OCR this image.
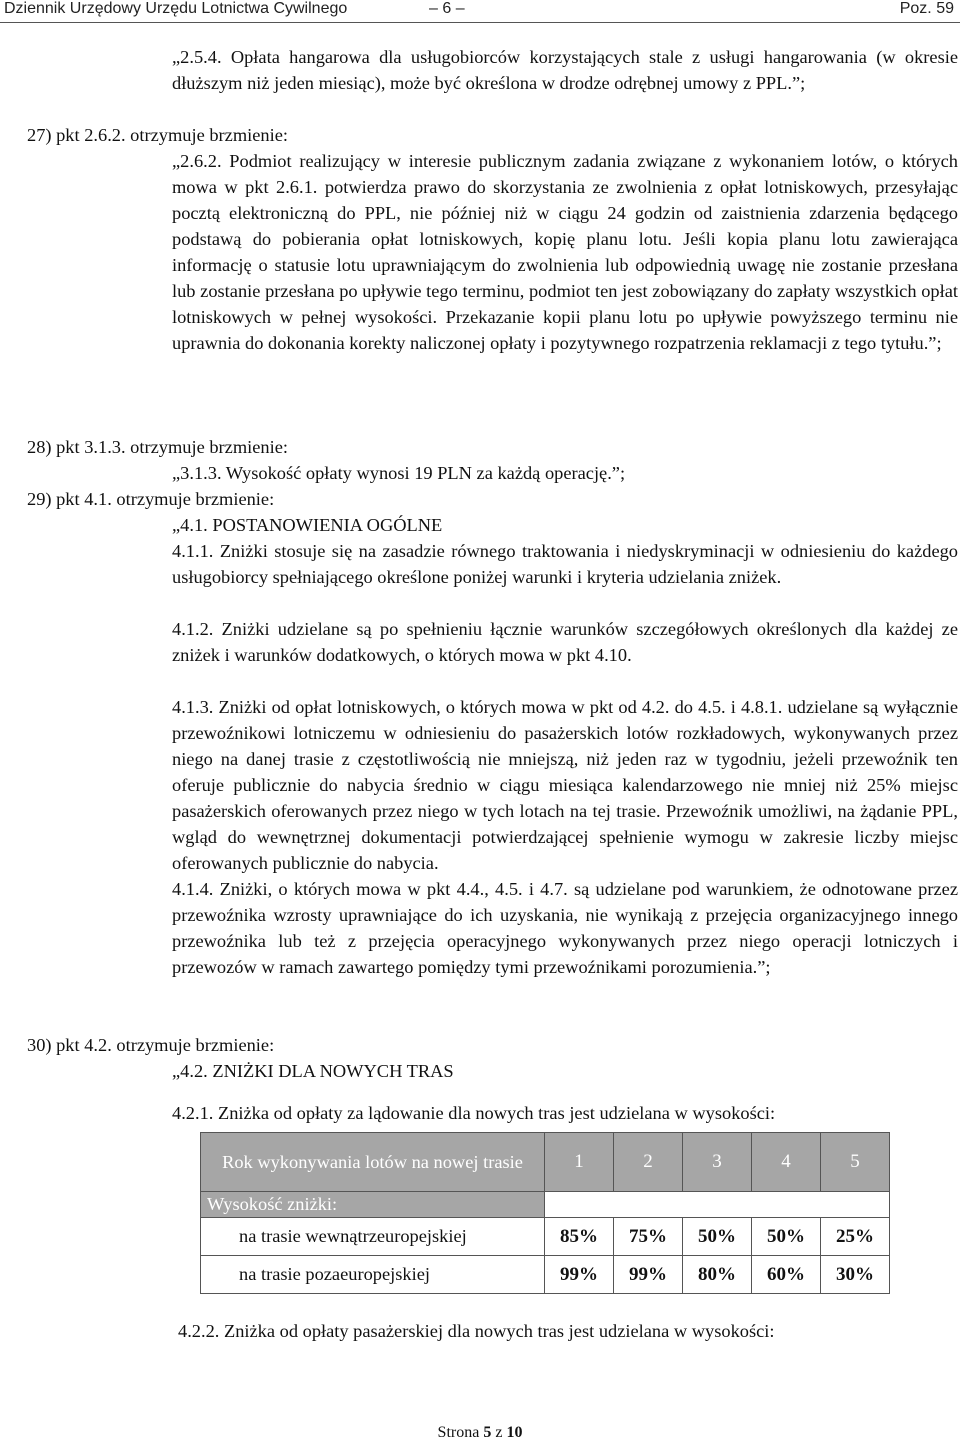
Dziennik Urzędowy Urzędu Lotnictwa Cywilnego	– 6 –	Poz. 59
„2.5.4. Opłata hangarowa dla usługobiorców korzystających stale z usługi hangarowania (w okresie dłuższym niż jeden miesiąc), może być określona w drodze odrębnej umowy z PPL.”;
27) pkt 2.6.2. otrzymuje brzmienie:
„2.6.2. Podmiot realizujący w interesie publicznym zadania związane z wykonaniem lotów, o których mowa w pkt 2.6.1. potwierdza prawo do skorzystania ze zwolnienia z opłat lotniskowych, przesyłając pocztą elektroniczną do PPL, nie później niż w ciągu 24 godzin od zaistnienia zdarzenia będącego podstawą do pobierania opłat lotniskowych, kopię planu lotu. Jeśli kopia planu lotu zawierająca informację o statusie lotu uprawniającym do zwolnienia lub odpowiednią uwagę nie zostanie przesłana lub zostanie przesłana po upływie tego terminu, podmiot ten jest zobowiązany do zapłaty wszystkich opłat lotniskowych w pełnej wysokości. Przekazanie kopii planu lotu po upływie powyższego terminu nie uprawnia do dokonania korekty naliczonej opłaty i pozytywnego rozpatrzenia reklamacji z tego tytułu.”;
28) pkt 3.1.3. otrzymuje brzmienie:
„3.1.3. Wysokość opłaty wynosi 19 PLN za każdą operację.”;
29) pkt 4.1. otrzymuje brzmienie:
„4.1. POSTANOWIENIA OGÓLNE
4.1.1. Zniżki stosuje się na zasadzie równego traktowania i niedyskryminacji w odniesieniu do każdego usługobiorcy spełniającego określone poniżej warunki i kryteria udzielania zniżek.
4.1.2. Zniżki udzielane są po spełnieniu łącznie warunków szczegółowych określonych dla każdej ze zniżek i warunków dodatkowych, o których mowa w pkt 4.10.
4.1.3. Zniżki od opłat lotniskowych, o których mowa w pkt od 4.2. do 4.5. i 4.8.1. udzielane są wyłącznie przewoźnikowi lotniczemu w odniesieniu do pasażerskich lotów rozkładowych, wykonywanych przez niego na danej trasie z częstotliwością nie mniejszą, niż jeden raz w tygodniu, jeżeli przewoźnik ten oferuje publicznie do nabycia średnio w ciągu miesiąca kalendarzowego nie mniej niż 25% miejsc pasażerskich oferowanych przez niego w tych lotach na tej trasie. Przewoźnik umożliwi, na żądanie PPL, wgląd do wewnętrznej dokumentacji potwierdzającej spełnienie wymogu w zakresie liczby miejsc oferowanych publicznie do nabycia.
4.1.4. Zniżki, o których mowa w pkt 4.4., 4.5. i 4.7. są udzielane pod warunkiem, że odnotowane przez przewoźnika wzrosty uprawniające do ich uzyskania, nie wynikają z przejęcia organizacyjnego innego przewoźnika lub też z przejęcia operacyjnego wykonywanych przez niego operacji lotniczych i przewozów w ramach zawartego pomiędzy tymi przewoźnikami porozumienia.”;
30) pkt 4.2. otrzymuje brzmienie:
„4.2. ZNIŻKI DLA NOWYCH TRAS
4.2.1. Zniżka od opłaty za lądowanie dla nowych tras jest udzielana w wysokości:
Rok wykonywania lotów na nowej trasie	1	2	3	4	5
Wysokość zniżki:					
na trasie wewnątrzeuropejskiej	85%	75%	50%	50%	25%
na trasie pozaeuropejskiej	99%	99%	80%	60%	30%
4.2.2. Zniżka od opłaty pasażerskiej dla nowych tras jest udzielana w wysokości:
Strona 5 z 10
